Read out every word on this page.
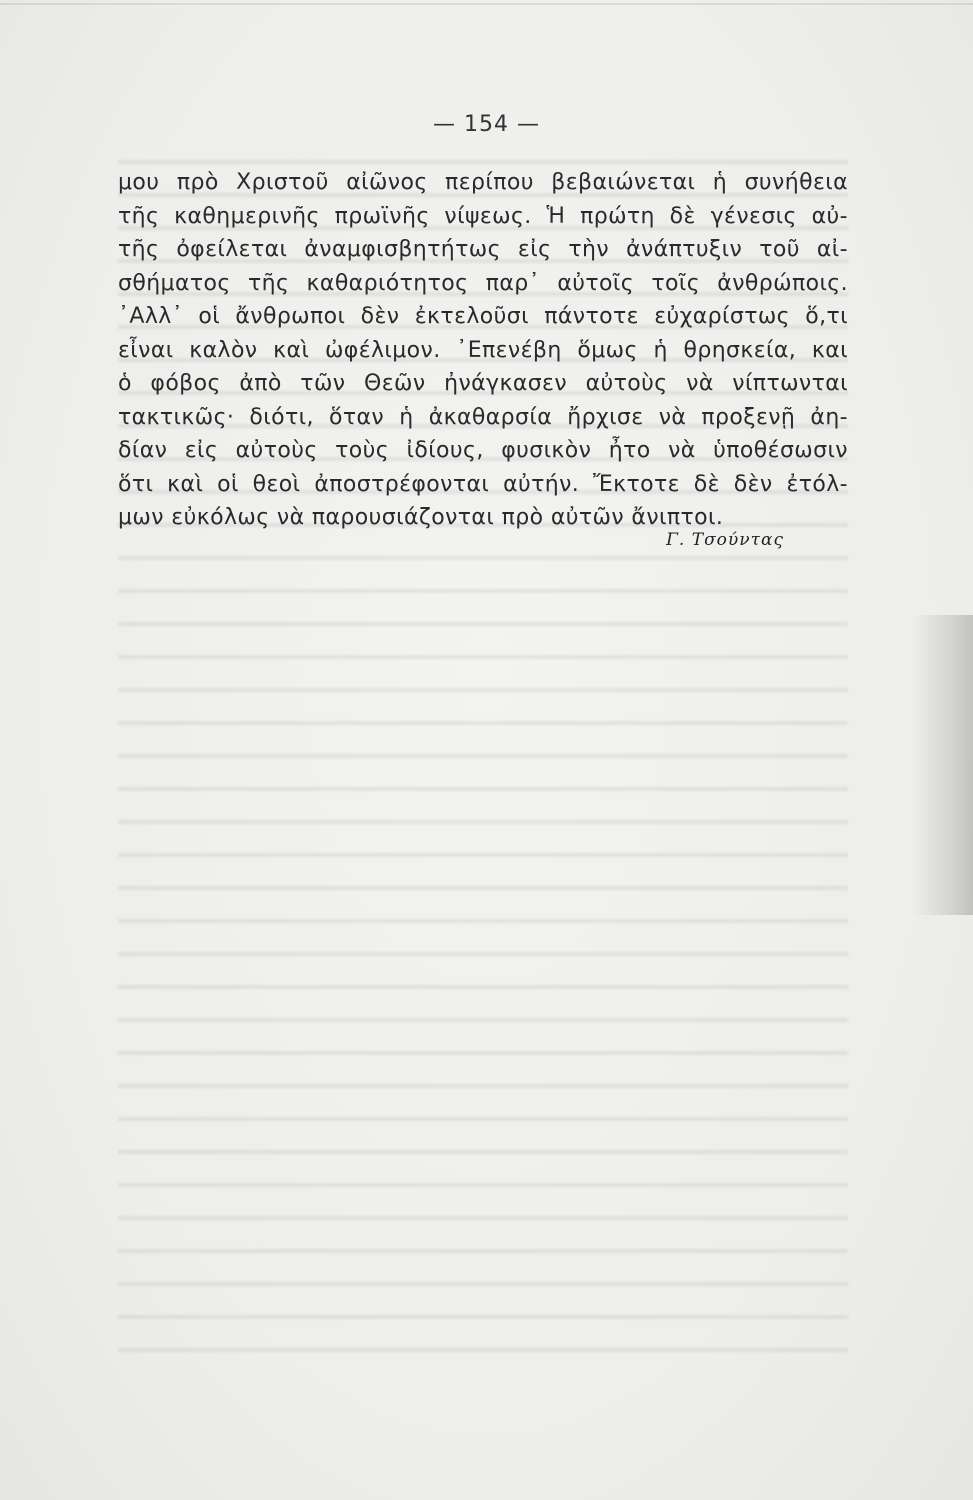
— 154 —
μου πρὸ Χριστοῦ αἰῶνος περίπου βεβαιώνεται ἡ συνήθεια
τῆς καθημερινῆς πρωϊνῆς νίψεως. Ἡ πρώτη δὲ γένεσις αὐ-
τῆς ὀφείλεται ἀναμφισβητήτως εἰς τὴν ἀνάπτυξιν τοῦ αἰ-
σθήματος τῆς καθαριότητος παρ᾽ αὐτοῖς τοῖς ἀνθρώποις.
᾿Αλλ᾽ οἱ ἄνθρωποι δὲν ἐκτελοῦσι πάντοτε εὐχαρίστως ὅ,τι
εἶναι καλὸν καὶ ὠφέλιμον. ᾿Επενέβη ὅμως ἡ θρησκεία, και
ὁ φόβος ἀπὸ τῶν Θεῶν ἠνάγκασεν αὐτοὺς νὰ νίπτωνται
τακτικῶς· διότι, ὅταν ἡ ἀκαθαρσία ἤρχισε νὰ προξενῇ ἀη-
δίαν εἰς αὐτοὺς τοὺς ἰδίους, φυσικὸν ἦτο νὰ ὑποθέσωσιν
ὅτι καὶ οἱ θεοὶ ἀποστρέφονται αὐτήν. Ἔκτοτε δὲ δὲν ἐτόλ-
μων εὐκόλως νὰ παρουσιάζονται πρὸ αὐτῶν ἄνιπτοι.
Γ. Τσούντας
